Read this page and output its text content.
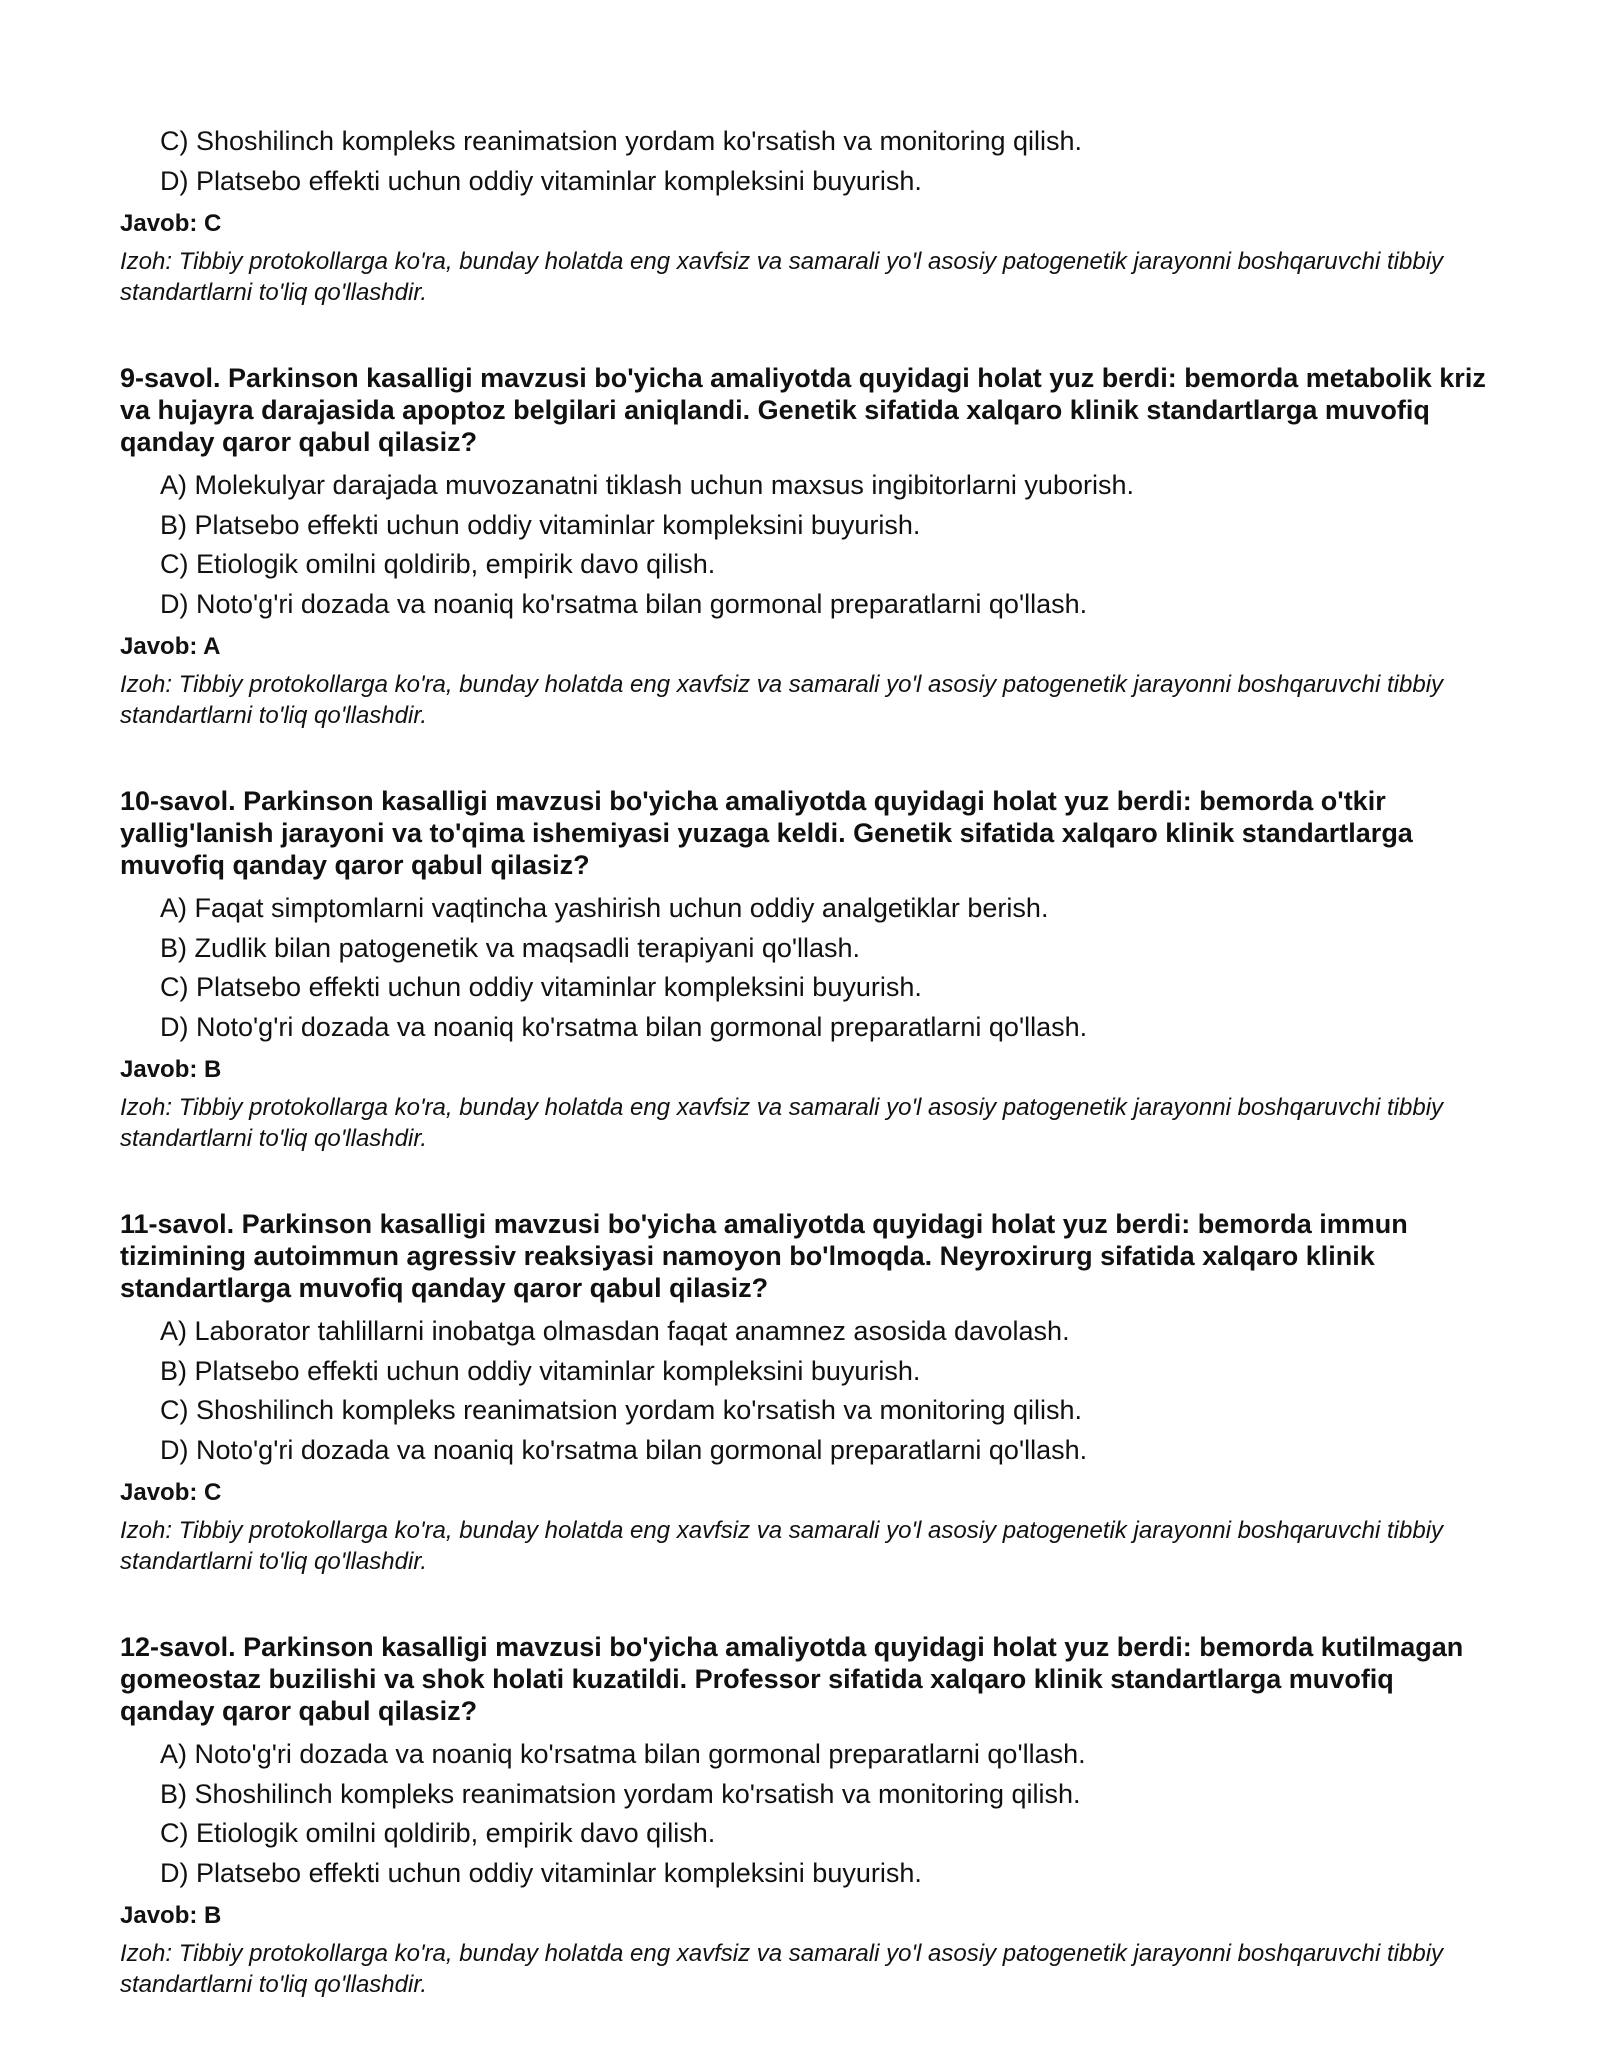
C) Shoshilinch kompleks reanimatsion yordam ko'rsatish va monitoring qilish.
D) Platsebo effekti uchun oddiy vitaminlar kompleksini buyurish.
Javob: C
Izoh: Tibbiy protokollarga ko'ra, bunday holatda eng xavfsiz va samarali yo'l asosiy patogenetik jarayonni boshqaruvchi tibbiy standartlarni to'liq qo'llashdir.
9-savol. Parkinson kasalligi mavzusi bo'yicha amaliyotda quyidagi holat yuz berdi: bemorda metabolik kriz va hujayra darajasida apoptoz belgilari aniqlandi. Genetik sifatida xalqaro klinik standartlarga muvofiq qanday qaror qabul qilasiz?
A) Molekulyar darajada muvozanatni tiklash uchun maxsus ingibitorlarni yuborish.
B) Platsebo effekti uchun oddiy vitaminlar kompleksini buyurish.
C) Etiologik omilni qoldirib, empirik davo qilish.
D) Noto'g'ri dozada va noaniq ko'rsatma bilan gormonal preparatlarni qo'llash.
Javob: A
Izoh: Tibbiy protokollarga ko'ra, bunday holatda eng xavfsiz va samarali yo'l asosiy patogenetik jarayonni boshqaruvchi tibbiy standartlarni to'liq qo'llashdir.
10-savol. Parkinson kasalligi mavzusi bo'yicha amaliyotda quyidagi holat yuz berdi: bemorda o'tkir yallig'lanish jarayoni va to'qima ishemiyasi yuzaga keldi. Genetik sifatida xalqaro klinik standartlarga muvofiq qanday qaror qabul qilasiz?
A) Faqat simptomlarni vaqtincha yashirish uchun oddiy analgetiklar berish.
B) Zudlik bilan patogenetik va maqsadli terapiyani qo'llash.
C) Platsebo effekti uchun oddiy vitaminlar kompleksini buyurish.
D) Noto'g'ri dozada va noaniq ko'rsatma bilan gormonal preparatlarni qo'llash.
Javob: B
Izoh: Tibbiy protokollarga ko'ra, bunday holatda eng xavfsiz va samarali yo'l asosiy patogenetik jarayonni boshqaruvchi tibbiy standartlarni to'liq qo'llashdir.
11-savol. Parkinson kasalligi mavzusi bo'yicha amaliyotda quyidagi holat yuz berdi: bemorda immun tizimining autoimmun agressiv reaksiyasi namoyon bo'lmoqda. Neyroxirurg sifatida xalqaro klinik standartlarga muvofiq qanday qaror qabul qilasiz?
A) Laborator tahlillarni inobatga olmasdan faqat anamnez asosida davolash.
B) Platsebo effekti uchun oddiy vitaminlar kompleksini buyurish.
C) Shoshilinch kompleks reanimatsion yordam ko'rsatish va monitoring qilish.
D) Noto'g'ri dozada va noaniq ko'rsatma bilan gormonal preparatlarni qo'llash.
Javob: C
Izoh: Tibbiy protokollarga ko'ra, bunday holatda eng xavfsiz va samarali yo'l asosiy patogenetik jarayonni boshqaruvchi tibbiy standartlarni to'liq qo'llashdir.
12-savol. Parkinson kasalligi mavzusi bo'yicha amaliyotda quyidagi holat yuz berdi: bemorda kutilmagan gomeostaz buzilishi va shok holati kuzatildi. Professor sifatida xalqaro klinik standartlarga muvofiq qanday qaror qabul qilasiz?
A) Noto'g'ri dozada va noaniq ko'rsatma bilan gormonal preparatlarni qo'llash.
B) Shoshilinch kompleks reanimatsion yordam ko'rsatish va monitoring qilish.
C) Etiologik omilni qoldirib, empirik davo qilish.
D) Platsebo effekti uchun oddiy vitaminlar kompleksini buyurish.
Javob: B
Izoh: Tibbiy protokollarga ko'ra, bunday holatda eng xavfsiz va samarali yo'l asosiy patogenetik jarayonni boshqaruvchi tibbiy standartlarni to'liq qo'llashdir.
